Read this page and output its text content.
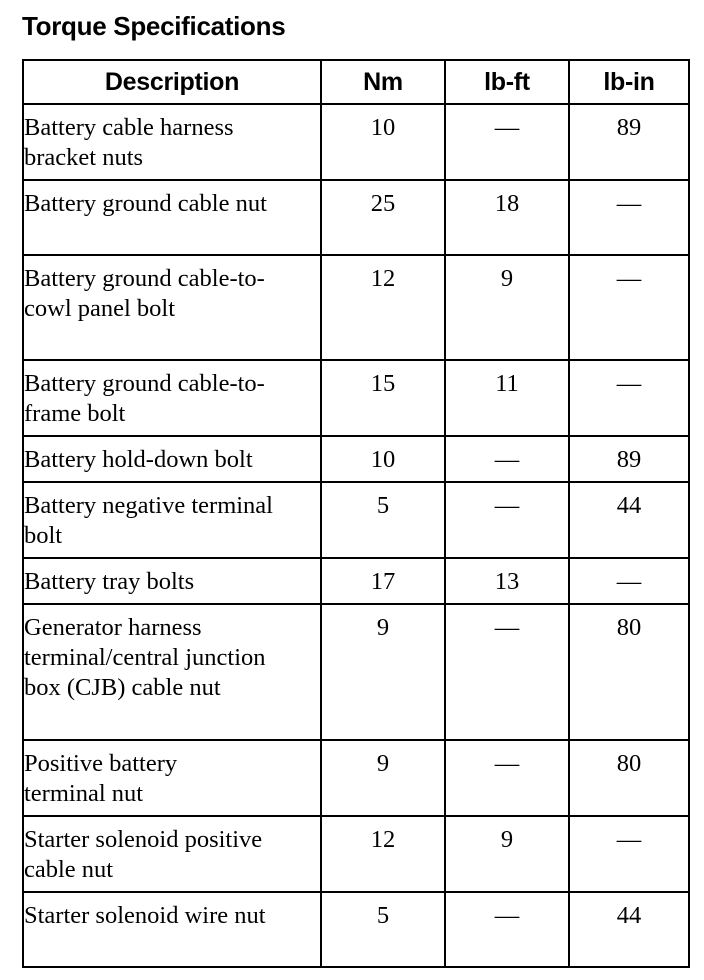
Torque Specifications
Description	Nm	lb-ft	lb-in
Battery cable harness bracket nuts	10	—	89
Battery ground cable nut	25	18	—
Battery ground cable-to-cowl panel bolt	12	9	—
Battery ground cable-to-frame bolt	15	11	—
Battery hold-down bolt	10	—	89
Battery negative terminal bolt	5	—	44
Battery tray bolts	17	13	—
Generator harness terminal/central junction box (CJB) cable nut	9	—	80
Positive battery terminal nut	9	—	80
Starter solenoid positive cable nut	12	9	—
Starter solenoid wire nut	5	—	44
